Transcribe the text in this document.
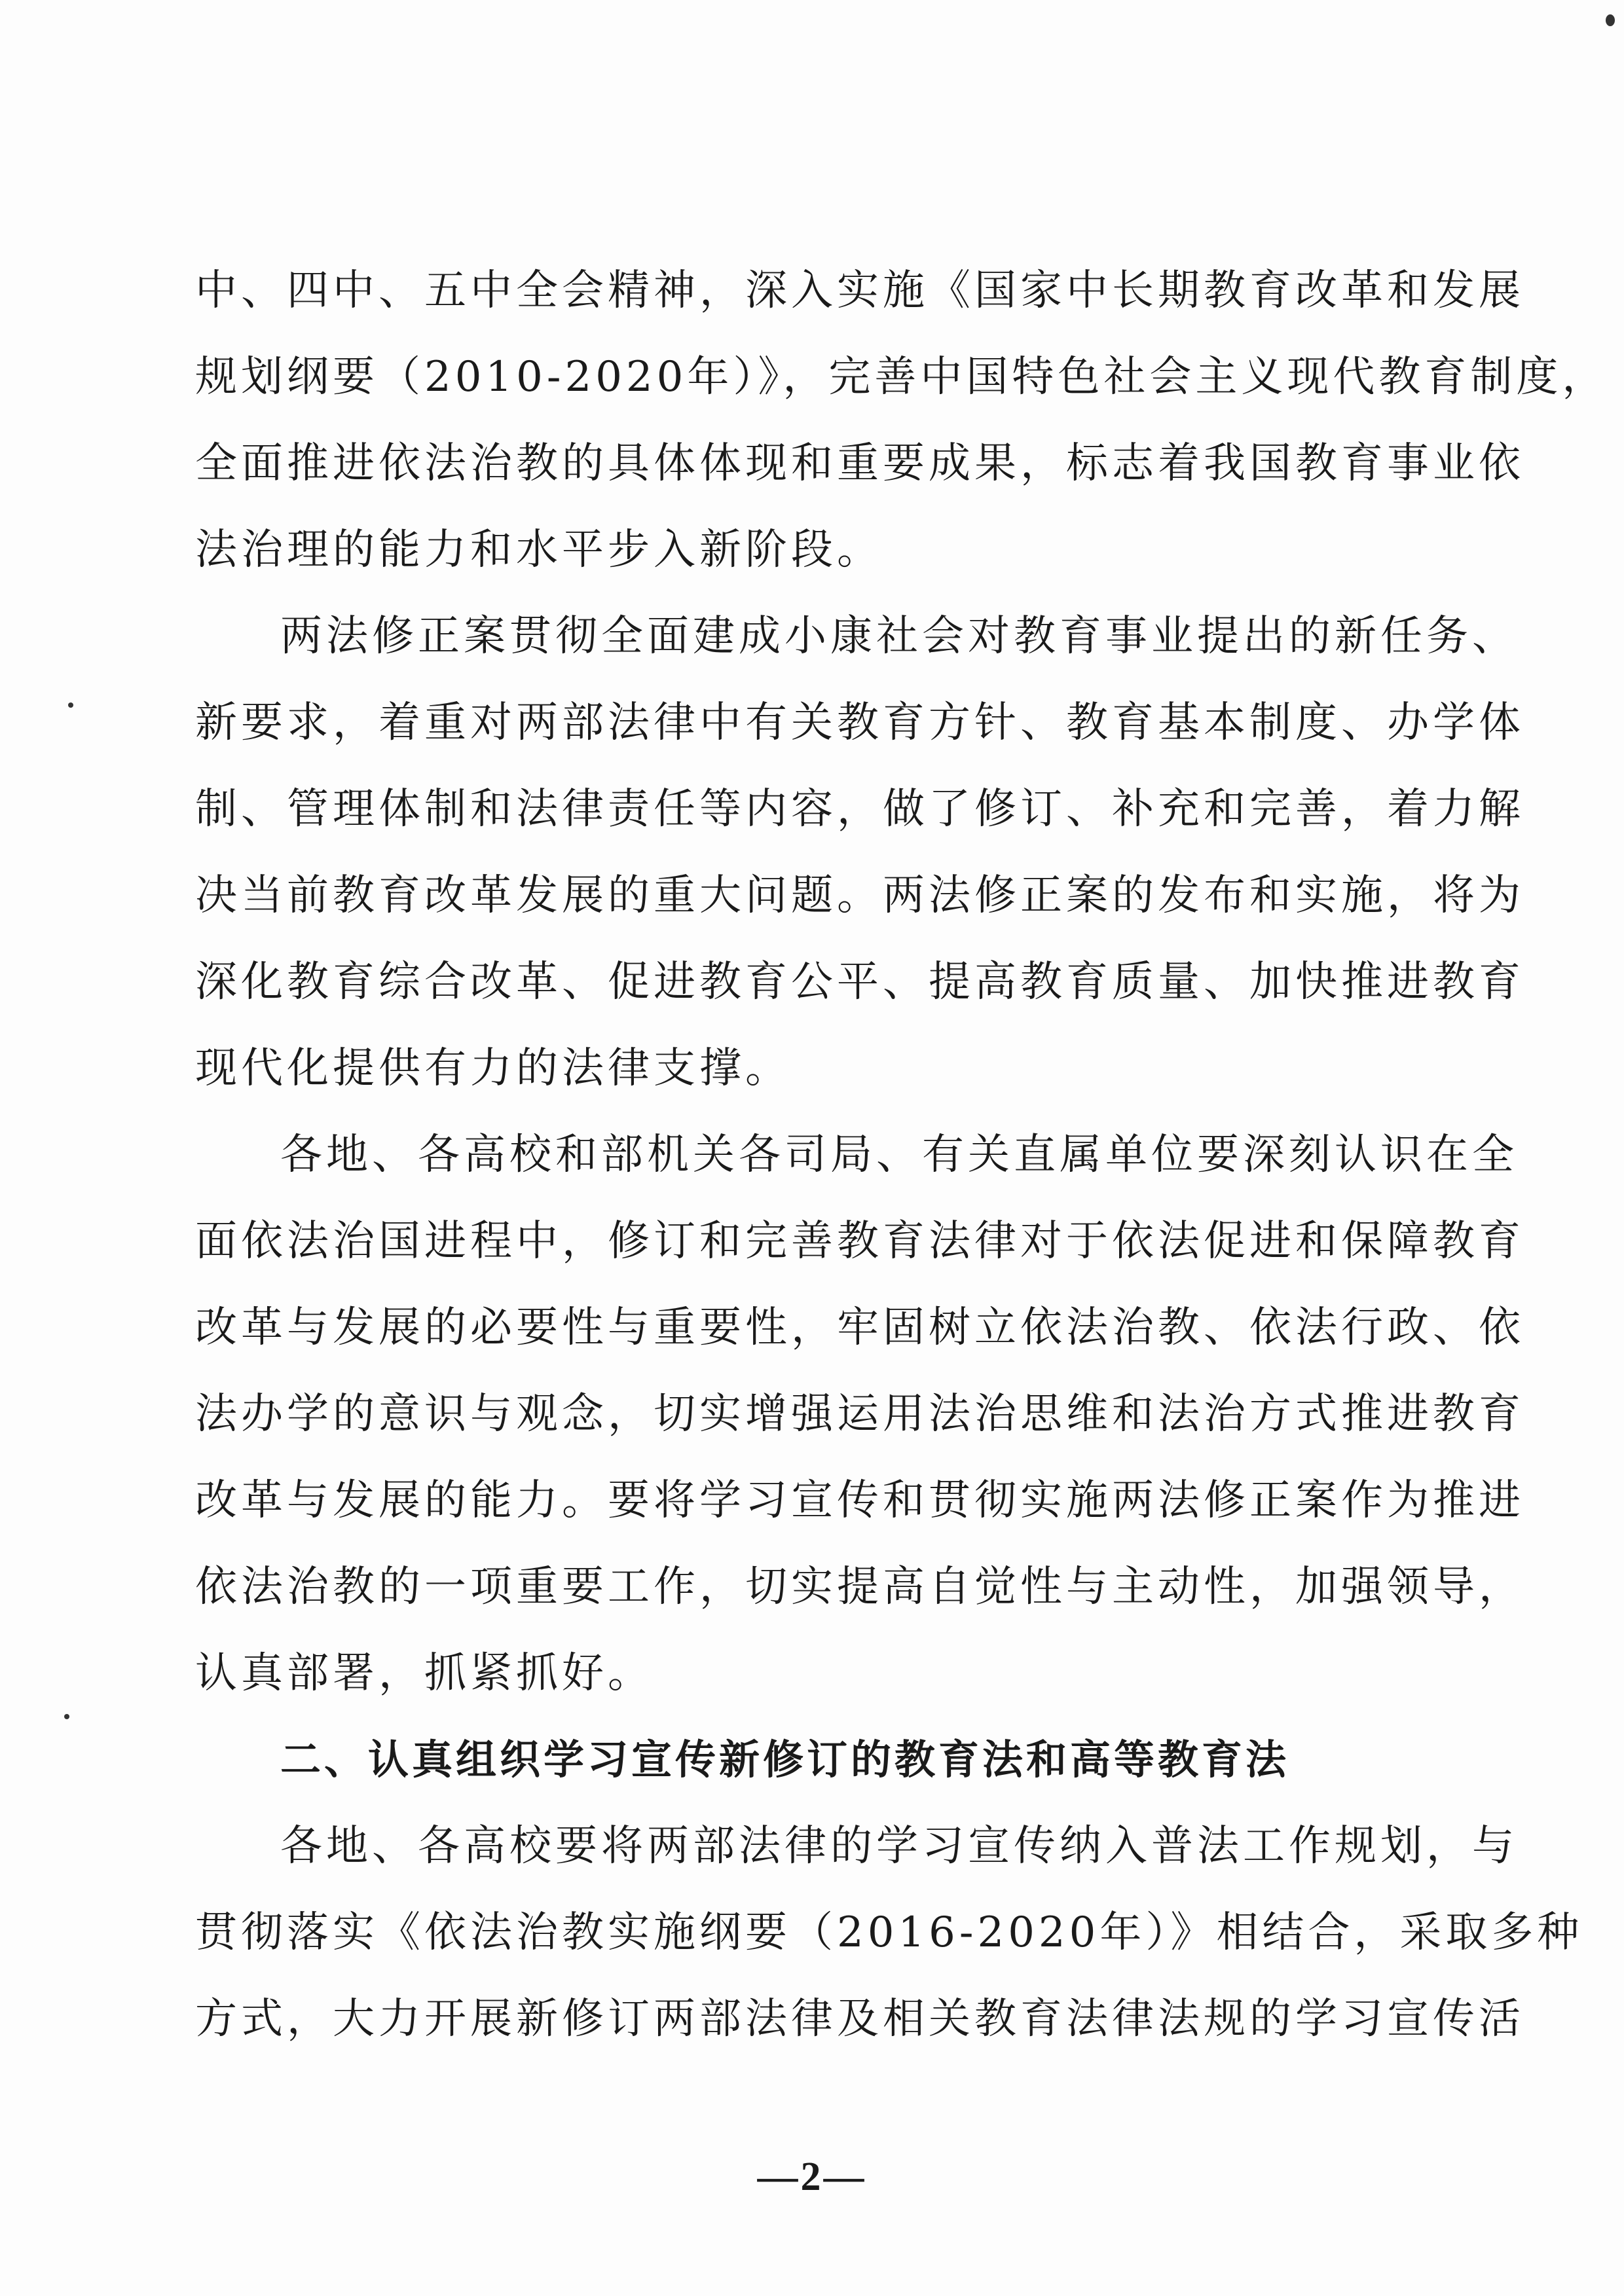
中、四中、五中全会精神，深入实施《国家中长期教育改革和发展
规划纲要（2010-2020年）》，完善中国特色社会主义现代教育制度，
全面推进依法治教的具体体现和重要成果，标志着我国教育事业依
法治理的能力和水平步入新阶段。
两法修正案贯彻全面建成小康社会对教育事业提出的新任务、
新要求，着重对两部法律中有关教育方针、教育基本制度、办学体
制、管理体制和法律责任等内容，做了修订、补充和完善，着力解
决当前教育改革发展的重大问题。两法修正案的发布和实施，将为
深化教育综合改革、促进教育公平、提高教育质量、加快推进教育
现代化提供有力的法律支撑。
各地、各高校和部机关各司局、有关直属单位要深刻认识在全
面依法治国进程中，修订和完善教育法律对于依法促进和保障教育
改革与发展的必要性与重要性，牢固树立依法治教、依法行政、依
法办学的意识与观念，切实增强运用法治思维和法治方式推进教育
改革与发展的能力。要将学习宣传和贯彻实施两法修正案作为推进
依法治教的一项重要工作，切实提高自觉性与主动性，加强领导，
认真部署，抓紧抓好。
二、认真组织学习宣传新修订的教育法和高等教育法
各地、各高校要将两部法律的学习宣传纳入普法工作规划，与
贯彻落实《依法治教实施纲要（2016-2020年）》相结合，采取多种
方式，大力开展新修订两部法律及相关教育法律法规的学习宣传活
—2—
